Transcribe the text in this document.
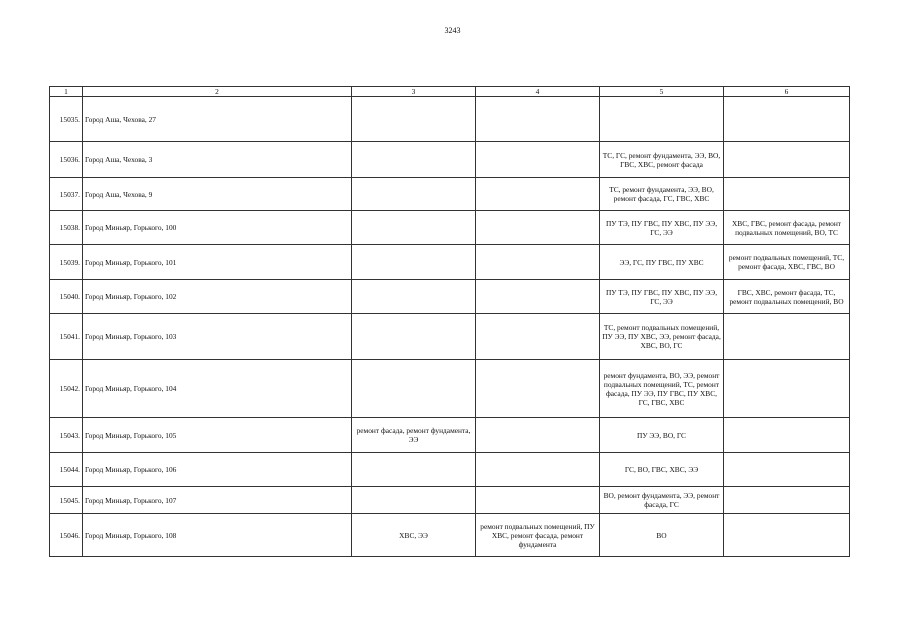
3243
1	2	3	4	5	6
15035.	Город Аша, Чехова, 27				
15036.	Город Аша, Чехова, 3			ТС, ГС, ремонт фундамента, ЭЭ, ВО, ГВС, ХВС, ремонт фасада	
15037.	Город Аша, Чехова, 9			ТС, ремонт фундамента, ЭЭ, ВО, ремонт фасада, ГС, ГВС, ХВС	
15038.	Город Миньяр, Горького, 100			ПУ ТЭ, ПУ ГВС, ПУ ХВС, ПУ ЭЭ, ГС, ЭЭ	ХВС, ГВС, ремонт фасада, ремонт подвальных помещений, ВО, ТС
15039.	Город Миньяр, Горького, 101			ЭЭ, ГС, ПУ ГВС, ПУ ХВС	ремонт подвальных помещений, ТС, ремонт фасада, ХВС, ГВС, ВО
15040.	Город Миньяр, Горького, 102			ПУ ТЭ, ПУ ГВС, ПУ ХВС, ПУ ЭЭ, ГС, ЭЭ	ГВС, ХВС, ремонт фасада, ТС, ремонт подвальных помещений, ВО
15041.	Город Миньяр, Горького, 103			ТС, ремонт подвальных помещений, ПУ ЭЭ, ПУ ХВС, ЭЭ, ремонт фасада, ХВС, ВО, ГС	
15042.	Город Миньяр, Горького, 104			ремонт фундамента, ВО, ЭЭ, ремонт подвальных помещений, ТС, ремонт фасада, ПУ ЭЭ, ПУ ГВС, ПУ ХВС, ГС, ГВС, ХВС	
15043.	Город Миньяр, Горького, 105	ремонт фасада, ремонт фундамента, ЭЭ		ПУ ЭЭ, ВО, ГС	
15044.	Город Миньяр, Горького, 106			ГС, ВО, ГВС, ХВС, ЭЭ	
15045.	Город Миньяр, Горького, 107			ВО, ремонт фундамента, ЭЭ, ремонт фасада, ГС	
15046.	Город Миньяр, Горького, 108	ХВС, ЭЭ	ремонт подвальных помещений, ПУ ХВС, ремонт фасада, ремонт фундамента	ВО	
